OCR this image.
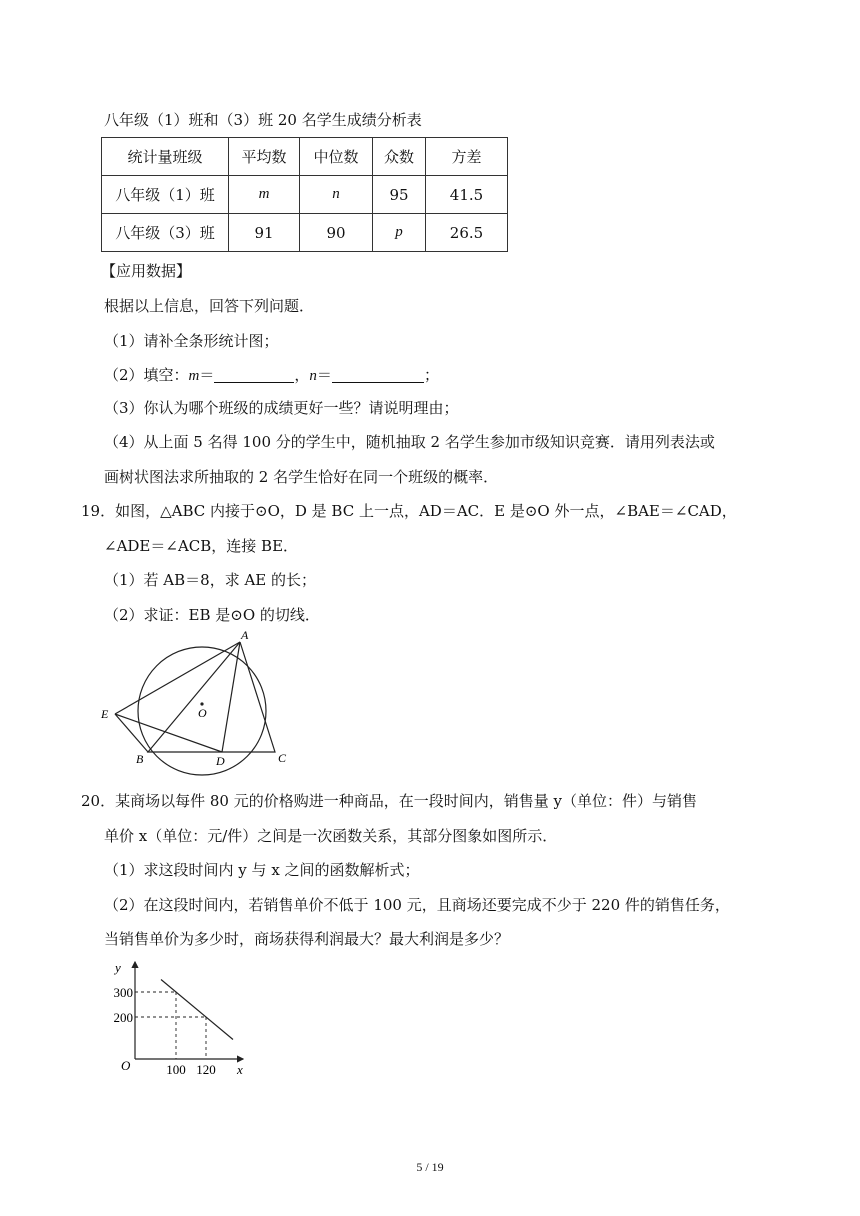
八年级（1）班和（3）班 20 名学生成绩分析表
统计量班级	平均数	中位数	众数	方差
八年级（1）班	m	n	95	41.5
八年级（3）班	91	90	p	26.5
【应用数据】
根据以上信息，回答下列问题．
（1）请补全条形统计图；
（2）填空：m＝	，n＝	；
（3）你认为哪个班级的成绩更好一些？请说明理由；
（4）从上面 5 名得 100 分的学生中，随机抽取 2 名学生参加市级知识竞赛．请用列表法或
画树状图法求所抽取的 2 名学生恰好在同一个班级的概率．
19．如图，△ABC 内接于⊙O，D 是 BC 上一点，AD＝AC．E 是⊙O 外一点，∠BAE＝∠CAD，
∠ADE＝∠ACB，连接 BE．
（1）若 AB＝8，求 AE 的长；
（2）求证：EB 是⊙O 的切线．
A
E	O
B	D	C
20．某商场以每件 80 元的价格购进一种商品，在一段时间内，销售量 y（单位：件）与销售
单价 x（单位：元/件）之间是一次函数关系，其部分图象如图所示．
（1）求这段时间内 y 与 x 之间的函数解析式；
（2）在这段时间内，若销售单价不低于 100 元，且商场还要完成不少于 220 件的销售任务，
当销售单价为多少时，商场获得利润最大？最大利润是多少？
O
y
x
100
300
120
200
5 / 19
